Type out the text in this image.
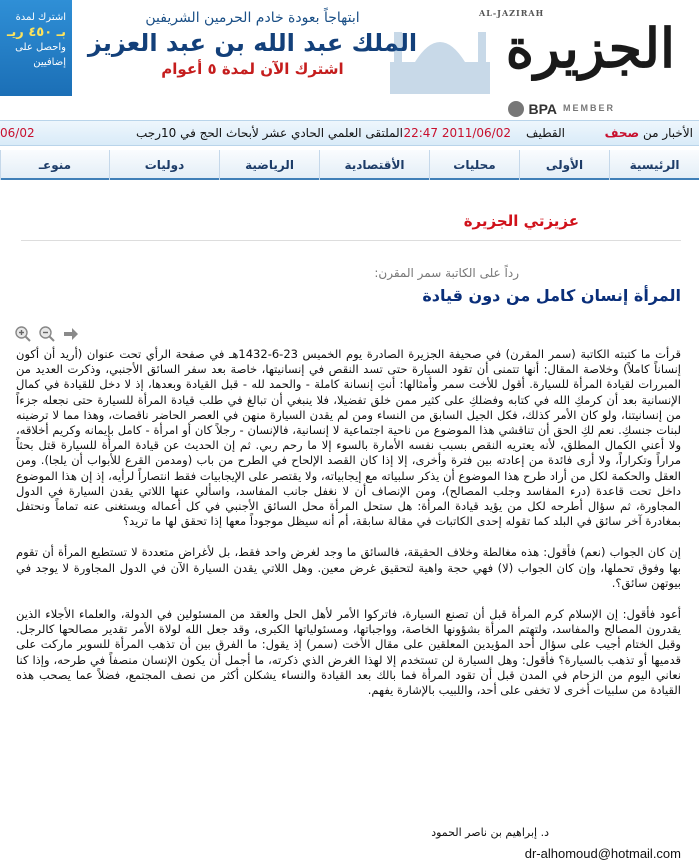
اشترك لمدة
بـ ٤٥٠ ريـ
واحصل على
إضافيين
ابتهاجاً بعودة خادم الحرمين الشريفين
الملك عبد الله بن عبد العزيز
اشترك الآن لمدة ٥ أعوام
AL-JAZIRAH
الجزيرة
BPA MEMBER
الأخبار من صحف
القطيف
22:47 2011/06/02
الملتقى العلمي الحادي عشر لأبحاث الحج في 10رجب
06/02
الرئيسية
الأولى
محليات
الأقتصادية
الرياضية
دوليات
منوعـ
عزيزتي الجزيرة
رداً على الكاتبة سمر المقرن:
المرأة إنسان كامل من دون قيادة

قرأت ما كتبته الكاتبة (سمر المقرن) في صحيفة الجزيرة الصادرة يوم الخميس 23-6-1432هـ في صفحة الرأي تحت عنوان (أريد أن أكون إنساناً كاملاً) وخلاصة المقال: أنها تتمنى أن تقود السيارة حتى تسد النقص في إنسانيتها، خاصة بعد سفر السائق الأجنبي، وذكرت العديد من المبررات لقيادة المرأة للسيارة. أقول للأخت سمر وأمثالها: أنتِ إنسانة كاملة - والحمد لله - قبل القيادة وبعدها، إذ لا دخل للقيادة في كمال الإنسانية بعد أن كرمكِ الله في كتابه وفضلكِ على كثير ممن خلق تفضيلا، فلا ينبغي أن تبالغ في طلب قيادة المرأة للسيارة حتى نجعله جزءاً من إنسانيتنا، ولو كان الأمر كذلك، فكل الجيل السابق من النساء ومن لم يقدن السيارة منهن في العصر الحاضر ناقصات، وهذا مما لا ترضينه لبنات جنسكِ. نعم لكِ الحق أن تناقشي هذا الموضوع من ناحية اجتماعية لا إنسانية، فالإنسان - رجلاً كان أو امرأة - كامل بإيمانه وكريم أخلاقه، ولا أعني الكمال المطلق، لأنه يعتريه النقص بسبب نفسه الأمارة بالسوء إلا ما رحم ربي. ثم إن الحديث عن قيادة المرأة للسيارة قتل بحثاً مراراً وتكراراً، ولا أرى فائدة من إعادته بين فترة وأخرى، إلا إذا كان القصد الإلحاح في الطرح من باب (ومدمن القرع للأبواب أن يلجا). ومن العقل والحكمة لكل من أراد طرح هذا الموضوع أن يذكر سلبياته مع إيجابياته، ولا يقتصر على الإيجابيات فقط انتصاراً لرأيه، إذ إن هذا الموضوع داخل تحت قاعدة (درء المفاسد وجلب المصالح)، ومن الإنصاف أن لا نغفل جانب المفاسد، واسألي عنها اللاتي يقدن السيارة في الدول المجاورة، ثم سؤال أطرحه لكل من يؤيد قيادة المرأة: هل ستحل المرأة محل السائق الأجنبي في كل أعماله ويستغنى عنه تماماً ونحتفل بمغادرة آخر سائق في البلد كما تقوله إحدى الكاتبات في مقالة سابقة، أم أنه سيظل موجوداً معها إذا تحقق لها ما تريد؟

إن كان الجواب (نعم) فأقول: هذه مغالطة وخلاف الحقيقة، فالسائق ما وجد لغرض واحد فقط، بل لأغراض متعددة لا تستطيع المرأة أن تقوم بها وفوق تحملها، وإن كان الجواب (لا) فهي حجة واهية لتحقيق غرض معين. وهل اللاتي يقدن السيارة الآن في الدول المجاورة لا يوجد في بيوتهن سائق؟.

أعود فأقول: إن الإسلام كرم المرأة قبل أن تصنع السيارة، فاتركوا الأمر لأهل الحل والعقد من المسئولين في الدولة، والعلماء الأجلاء الذين يقدرون المصالح والمفاسد، ولتهتم المرأة بشؤونها الخاصة، وواجباتها، ومسئولياتها الكبرى، وقد جعل الله لولاة الأمر تقدير مصالحها كالرجل. وقبل الختام أجيب على سؤال أحد المؤيدين المعلقين على مقال الأخت (سمر) إذ يقول: ما الفرق بين أن تذهب المرأة للسوبر ماركت على قدميها أو تذهب بالسيارة؟ فأقول: وهل السيارة لن تستخدم إلا لهذا الغرض الذي ذكرته، ما أجمل أن يكون الإنسان منصفاً في طرحه، وإذا كنا نعاني اليوم من الزحام في المدن قبل أن تقود المرأة فما بالك بعد القيادة والنساء يشكلن أكثر من نصف المجتمع، فضلاً عما يصحب هذه القيادة من سلبيات أخرى لا تخفى على أحد، واللبيب بالإشارة يفهم.

د. إبراهيم بن ناصر الحمود
dr-alhomoud@hotmail.com
